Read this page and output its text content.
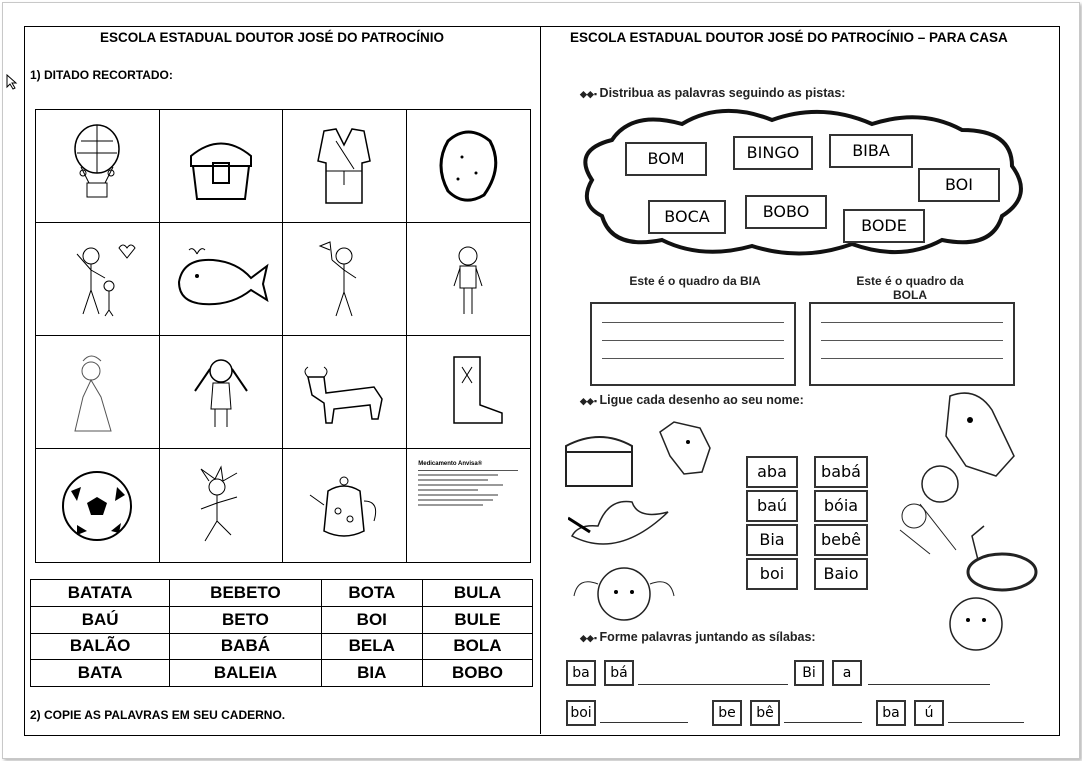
ESCOLA ESTADUAL DOUTOR JOSÉ DO PATROCÍNIO
1) DITADO RECORTADO:
Medicamento Anvisa®
BATATA	BEBETO	BOTA	BULA
BAÚ	BETO	BOI	BULE
BALÃO	BABÁ	BELA	BOLA
BATA	BALEIA	BIA	BOBO
2) COPIE AS PALAVRAS EM SEU CADERNO.
ESCOLA ESTADUAL DOUTOR JOSÉ DO PATROCÍNIO – PARA CASA
◆◆▪ Distribua as palavras seguindo as pistas:
BOM	BINGO	BIBA
BOI
BOCA	BOBO
BODE
Este é o quadro da BIA	Este é o quadro da BOLA
◆◆▪ Ligue cada desenho ao seu nome:
aba	babá
baú	bóia
Bia	bebê
boi	Baio
◆◆▪ Forme palavras juntando as sílabas:
ba	bá	Bi	a
boi	be	bê	ba	ú
